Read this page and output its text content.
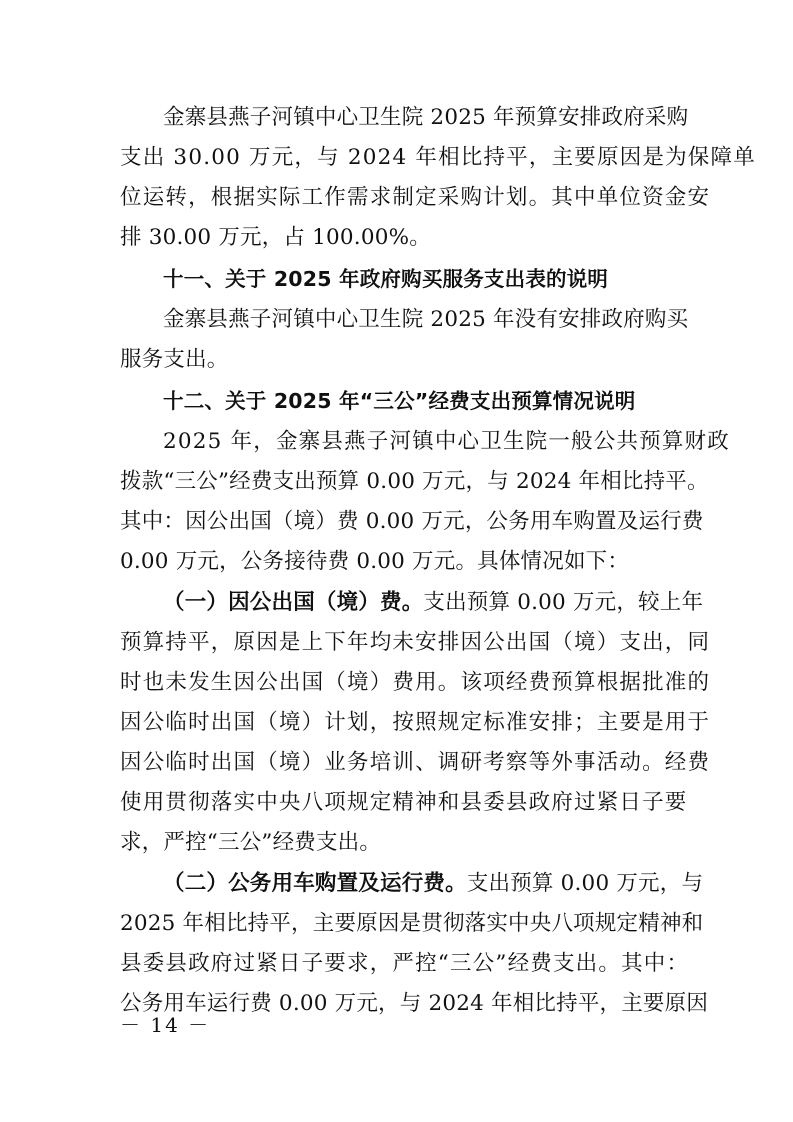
金寨县燕子河镇中心卫生院 2025 年预算安排政府采购
支出 30.00 万元，与 2024 年相比持平，主要原因是为保障单
位运转，根据实际工作需求制定采购计划。其中单位资金安
排 30.00 万元，占 100.00%。
十一、关于 2025 年政府购买服务支出表的说明
金寨县燕子河镇中心卫生院 2025 年没有安排政府购买
服务支出。
十二、关于 2025 年“三公”经费支出预算情况说明
2025 年，金寨县燕子河镇中心卫生院一般公共预算财政
拨款“三公”经费支出预算 0.00 万元，与 2024 年相比持平。
其中：因公出国（境）费 0.00 万元，公务用车购置及运行费
0.00 万元，公务接待费 0.00 万元。具体情况如下：
（一）因公出国（境）费。支出预算 0.00 万元，较上年
预算持平，原因是上下年均未安排因公出国（境）支出，同
时也未发生因公出国（境）费用。该项经费预算根据批准的
因公临时出国（境）计划，按照规定标准安排；主要是用于
因公临时出国（境）业务培训、调研考察等外事活动。经费
使用贯彻落实中央八项规定精神和县委县政府过紧日子要
求，严控“三公”经费支出。
（二）公务用车购置及运行费。支出预算 0.00 万元，与
2025 年相比持平，主要原因是贯彻落实中央八项规定精神和
县委县政府过紧日子要求，严控“三公”经费支出。其中：
公务用车运行费 0.00 万元，与 2024 年相比持平，主要原因
－ 14 －
